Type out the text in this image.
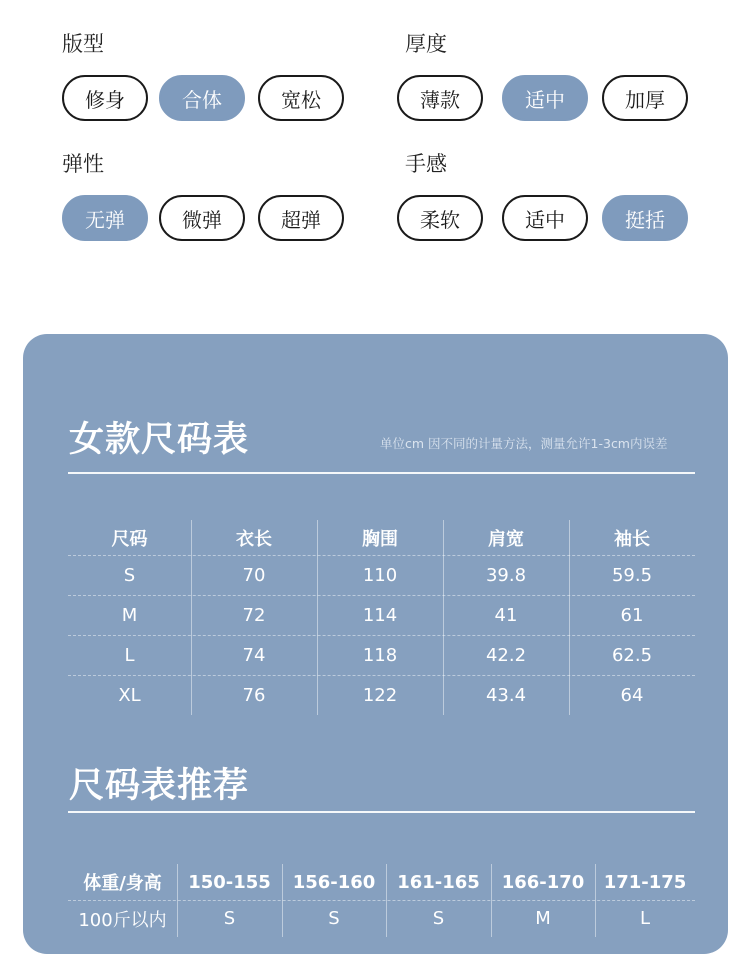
版型
修身	合体	宽松
厚度
薄款	适中	加厚
弹性
无弹	微弹	超弹
手感
柔软	适中	挺括
女款尺码表	单位cm 因不同的计量方法，测量允许1-3cm内误差
尺码	衣长	胸围	肩宽	袖长
S	70	110	39.8	59.5
M	72	114	41	61
L	74	118	42.2	62.5
XL	76	122	43.4	64
尺码表推荐
体重/身高	150-155	156-160	161-165	166-170	171-175
100斤以内	S	S	S	M	L
